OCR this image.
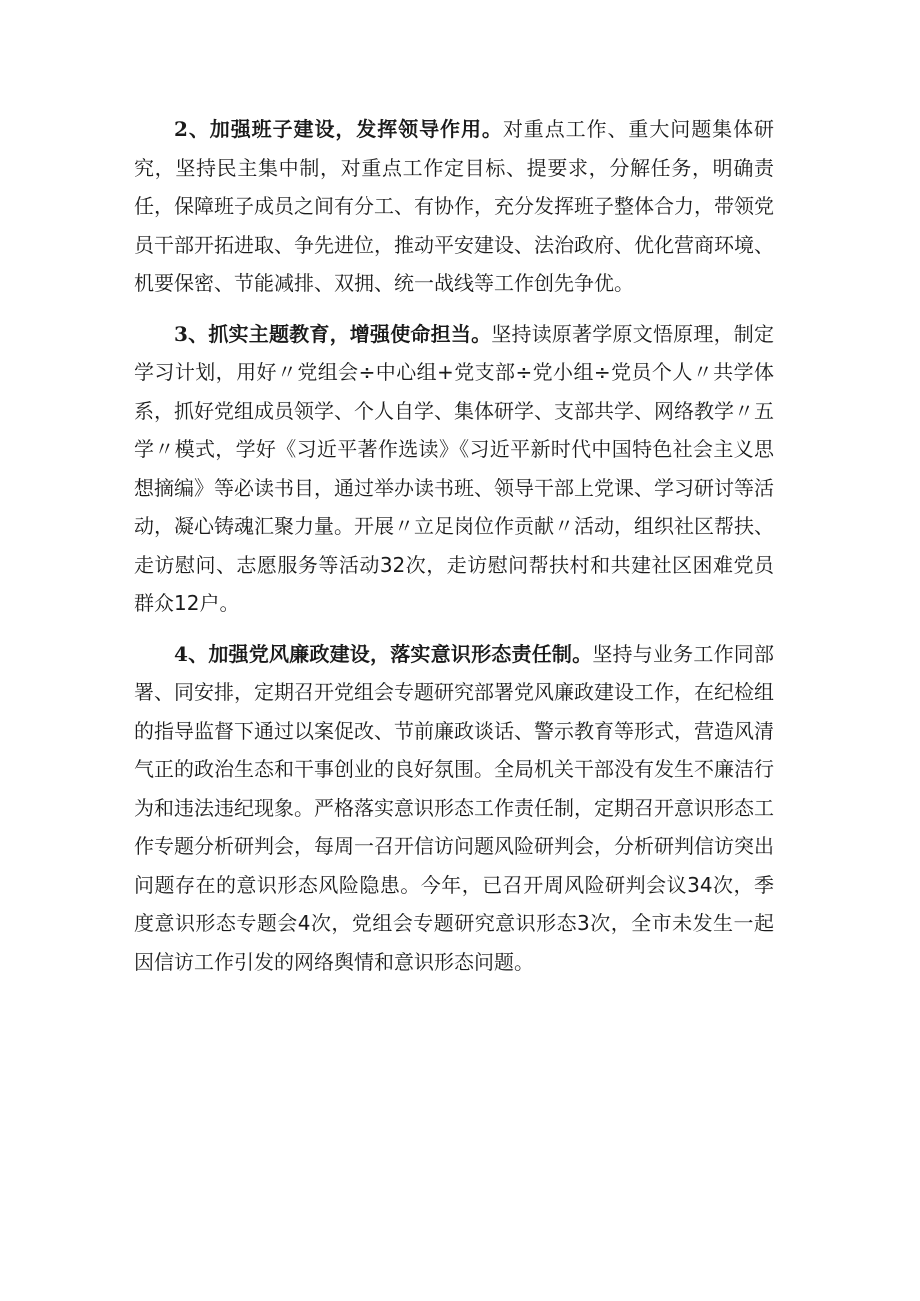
2、加强班子建设，发挥领导作用。对重点工作、重大问题集体研究，坚持民主集中制，对重点工作定目标、提要求，分解任务，明确责任，保障班子成员之间有分工、有协作，充分发挥班子整体合力，带领党员干部开拓进取、争先进位，推动平安建设、法治政府、优化营商环境、机要保密、节能减排、双拥、统一战线等工作创先争优。

3、抓实主题教育，增强使命担当。坚持读原著学原文悟原理，制定学习计划，用好〃党组会÷中心组+党支部÷党小组÷党员个人〃共学体系，抓好党组成员领学、个人自学、集体研学、支部共学、网络教学〃五学〃模式，学好《习近平著作选读》《习近平新时代中国特色社会主义思想摘编》等必读书目，通过举办读书班、领导干部上党课、学习研讨等活动，凝心铸魂汇聚力量。开展〃立足岗位作贡献〃活动，组织社区帮扶、走访慰问、志愿服务等活动32次，走访慰问帮扶村和共建社区困难党员群众12户。

4、加强党风廉政建设，落实意识形态责任制。坚持与业务工作同部署、同安排，定期召开党组会专题研究部署党风廉政建设工作，在纪检组的指导监督下通过以案促改、节前廉政谈话、警示教育等形式，营造风清气正的政治生态和干事创业的良好氛围。全局机关干部没有发生不廉洁行为和违法违纪现象。严格落实意识形态工作责任制，定期召开意识形态工作专题分析研判会，每周一召开信访问题风险研判会，分析研判信访突出问题存在的意识形态风险隐患。今年，已召开周风险研判会议34次，季度意识形态专题会4次，党组会专题研究意识形态3次，全市未发生一起因信访工作引发的网络舆情和意识形态问题。
